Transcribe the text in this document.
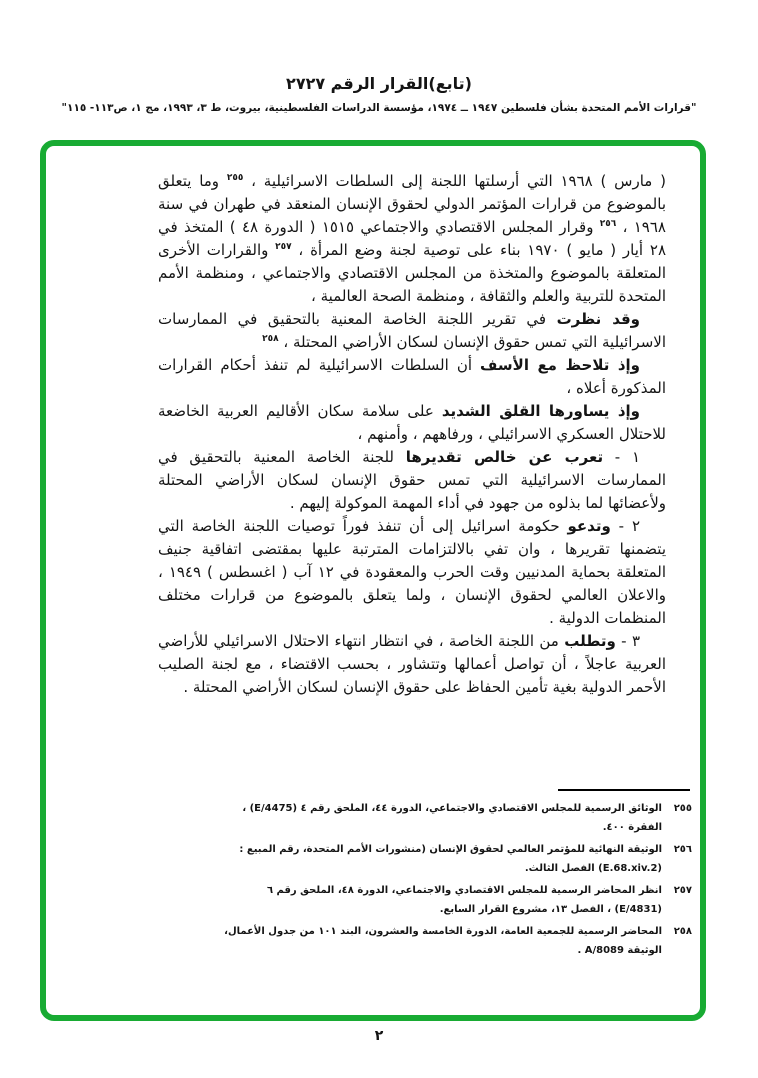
(تابع)القرار الرقم ٢٧٢٧
"قرارات الأمم المتحدة بشأن فلسطين ١٩٤٧ ــ ١٩٧٤، مؤسسة الدراسات الفلسطينية، بيروت، ط ٣، ١٩٩٣، مج ١، ص١١٣- ١١٥"

( مارس ) ١٩٦٨ التي أرسلتها اللجنة إلى السلطات الاسرائيلية ، $^{٢٥٥}$ وما يتعلق بالموضوع من قرارات المؤتمر الدولي لحقوق الإنسان المنعقد في طهران في سنة ١٩٦٨ ، $^{٢٥٦}$ وقرار المجلس الاقتصادي والاجتماعي ١٥١٥ ( الدورة ٤٨ ) المتخذ في ٢٨ أيار ( مايو ) ١٩٧٠ بناء على توصية لجنة وضع المرأة ، $^{٢٥٧}$ والقرارات الأخرى المتعلقة بالموضوع والمتخذة من المجلس الاقتصادي والاجتماعي ، ومنظمة الأمم المتحدة للتربية والعلم والثقافة ، ومنظمة الصحة العالمية ،

وقد نظرت في تقرير اللجنة الخاصة المعنية بالتحقيق في الممارسات الاسرائيلية التي تمس حقوق الإنسان لسكان الأراضي المحتلة ، $^{٢٥٨}$

وإذ تلاحظ مع الأسف أن السلطات الاسرائيلية لم تنفذ أحكام القرارات المذكورة أعلاه ،

وإذ يساورها القلق الشديد على سلامة سكان الأقاليم العربية الخاضعة للاحتلال العسكري الاسرائيلي ، ورفاههم ، وأمنهم ،

١ - تعرب عن خالص تقديرها للجنة الخاصة المعنية بالتحقيق في الممارسات الاسرائيلية التي تمس حقوق الإنسان لسكان الأراضي المحتلة ولأعضائها لما بذلوه من جهود في أداء المهمة الموكولة إليهم .

٢ - وتدعو حكومة اسرائيل إلى أن تنفذ فوراً توصيات اللجنة الخاصة التي يتضمنها تقريرها ، وان تفي بالالتزامات المترتبة عليها بمقتضى اتفاقية جنيف المتعلقة بحماية المدنيين وقت الحرب والمعقودة في ١٢ آب ( اغسطس ) ١٩٤٩ ، والاعلان العالمي لحقوق الإنسان ، ولما يتعلق بالموضوع من قرارات مختلف المنظمات الدولية .

٣ - وتطلب من اللجنة الخاصة ، في انتظار انتهاء الاحتلال الاسرائيلي للأراضي العربية عاجلاً ، أن تواصل أعمالها وتتشاور ، بحسب الاقتضاء ، مع لجنة الصليب الأحمر الدولية بغية تأمين الحفاظ على حقوق الإنسان لسكان الأراضي المحتلة .

٢٥٥
الوثائق الرسمية للمجلس الاقتصادي والاجتماعي، الدورة ٤٤، الملحق رقم ٤ (‎E/4475‎) ، الفقرة ٤٠٠.
٢٥٦
الوثيقة النهائية للمؤتمر العالمي لحقوق الإنسان (منشورات الأمم المتحدة، رقم المبيع : (‎E.68.xiv.2‎) الفصل الثالث.
٢٥٧
انظر المحاضر الرسمية للمجلس الاقتصادي والاجتماعي، الدورة ٤٨، الملحق رقم ٦ (‎E/4831‎) ، الفصل ١٣، مشروع القرار السابع.
٢٥٨
المحاضر الرسمية للجمعية العامة، الدورة الخامسة والعشرون، البند ١٠١ من جدول الأعمال، الوثيقة ‎A/8089‎ .
٢
